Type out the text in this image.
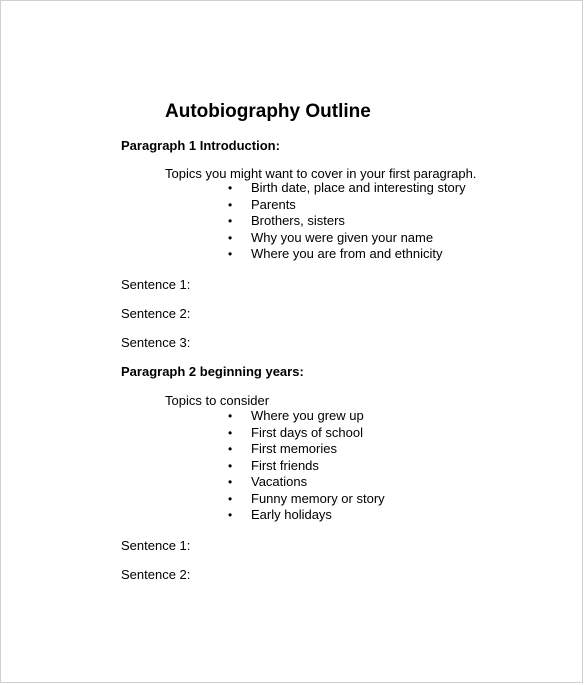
Autobiography Outline
Paragraph 1 Introduction:

Topics you might want to cover in your first paragraph.

• Birth date, place and interesting story
• Parents
• Brothers, sisters
• Why you were given your name
• Where you are from and ethnicity

Sentence 1:

Sentence 2:

Sentence 3:

Paragraph 2 beginning years:

Topics to consider

• Where you grew up
• First days of school
• First memories
• First friends
• Vacations
• Funny memory or story
• Early holidays

Sentence 1:

Sentence 2:
